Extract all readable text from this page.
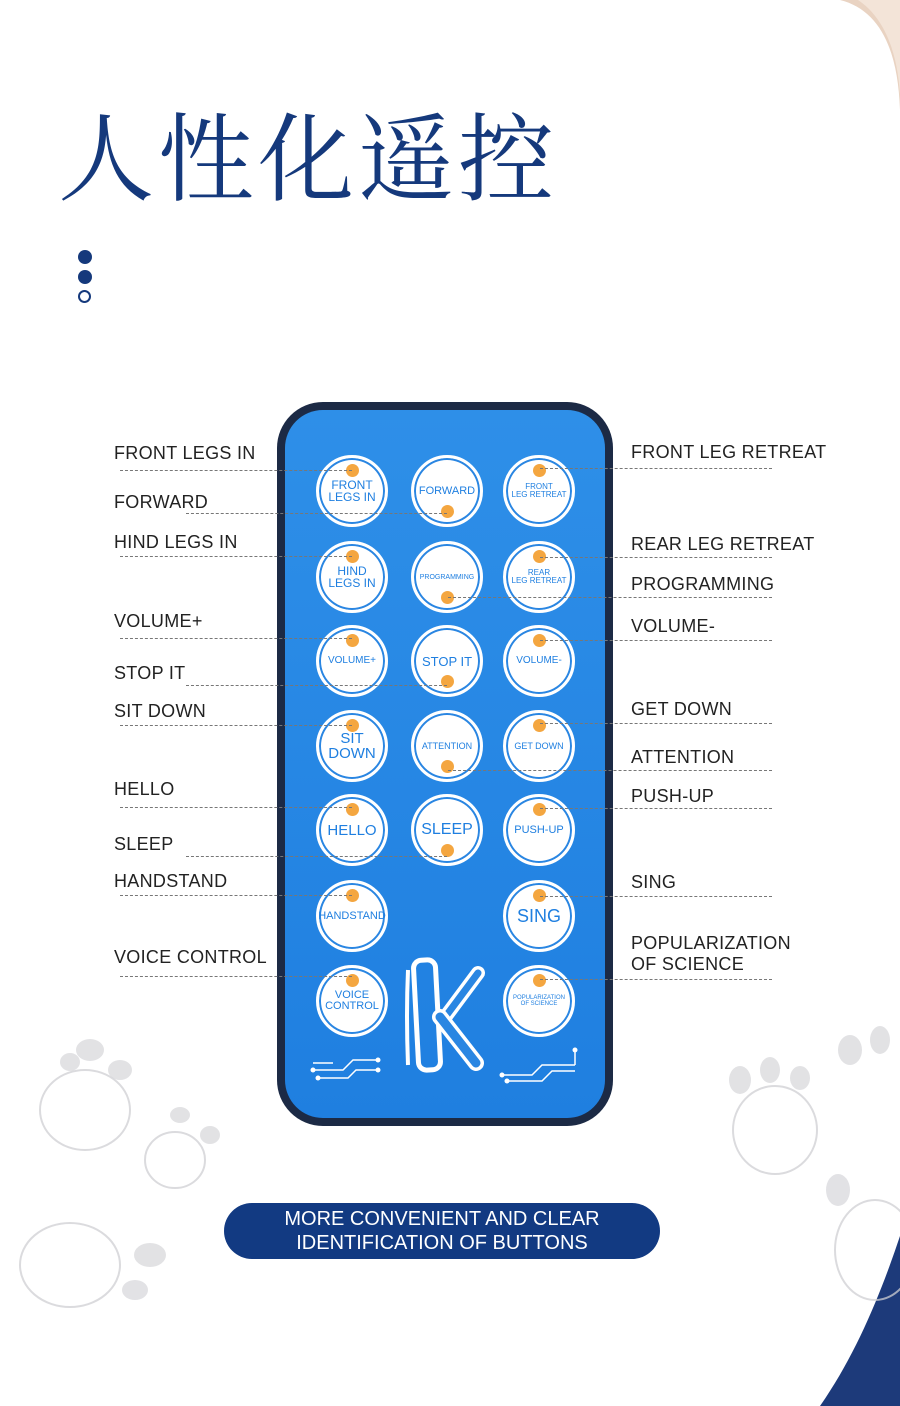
人性化遥控
FRONT
LEGS IN	FORWARD	FRONT
LEG RETREAT
HIND
LEGS IN	PROGRAMMING	REAR
LEG RETREAT
VOLUME+	STOP IT	VOLUME-
SIT
DOWN	ATTENTION	GET DOWN
HELLO	SLEEP	PUSH-UP
HANDSTAND	SING
VOICE
CONTROL
POPULARIZATION
OF SCIENCE
FRONT LEGS IN
FORWARD
HIND LEGS IN
VOLUME+
STOP IT
SIT DOWN
HELLO
SLEEP
HANDSTAND
VOICE CONTROL
FRONT LEG RETREAT
REAR LEG RETREAT
PROGRAMMING
VOLUME-
GET DOWN
ATTENTION
PUSH-UP
SING
POPULARIZATION
OF SCIENCE
MORE CONVENIENT AND CLEAR
IDENTIFICATION OF BUTTONS
